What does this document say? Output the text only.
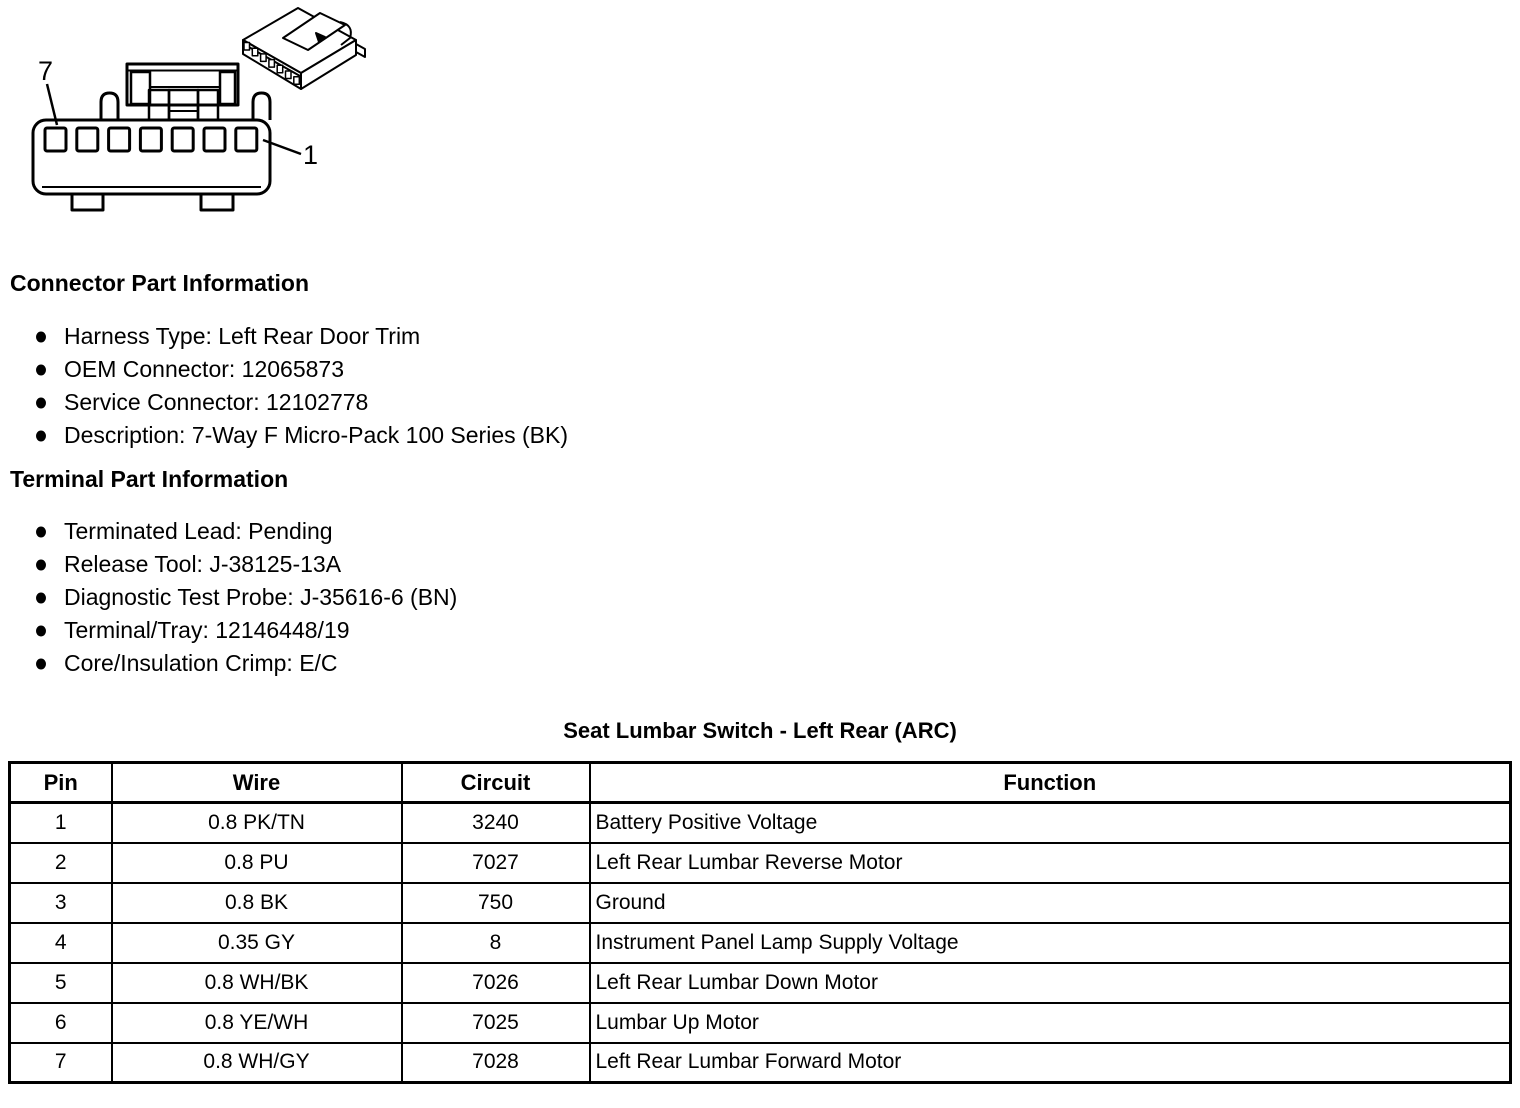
7
1
Connector Part Information
Harness Type: Left Rear Door Trim
OEM Connector: 12065873
Service Connector: 12102778
Description: 7-Way F Micro-Pack 100 Series (BK)
Terminal Part Information
Terminated Lead: Pending
Release Tool: J-38125-13A
Diagnostic Test Probe: J-35616-6 (BN)
Terminal/Tray: 12146448/19
Core/Insulation Crimp: E/C
Seat Lumbar Switch - Left Rear (ARC)
Pin	Wire	Circuit	Function
1	0.8 PK/TN	3240	Battery Positive Voltage
2	0.8 PU	7027	Left Rear Lumbar Reverse Motor
3	0.8 BK	750	Ground
4	0.35 GY	8	Instrument Panel Lamp Supply Voltage
5	0.8 WH/BK	7026	Left Rear Lumbar Down Motor
6	0.8 YE/WH	7025	Lumbar Up Motor
7	0.8 WH/GY	7028	Left Rear Lumbar Forward Motor
